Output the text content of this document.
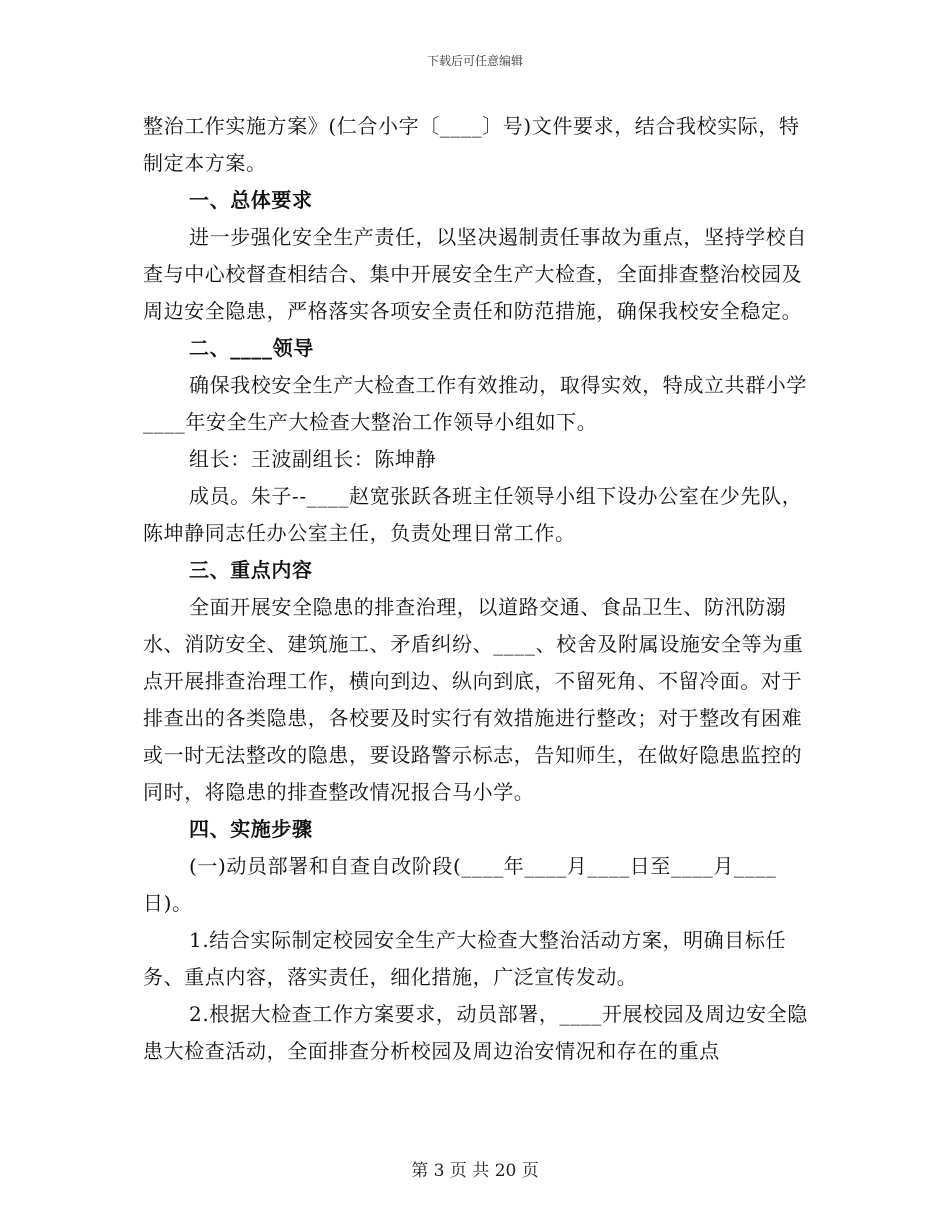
下载后可任意编辑

整治工作实施方案》(仁合小字〔____〕号)文件要求，结合我校实际，特制定本方案。

一、总体要求

进一步强化安全生产责任，以坚决遏制责任事故为重点，坚持学校自查与中心校督查相结合、集中开展安全生产大检查，全面排查整治校园及周边安全隐患，严格落实各项安全责任和防范措施，确保我校安全稳定。

二、____领导

确保我校安全生产大检查工作有效推动，取得实效，特成立共群小学____年安全生产大检查大整治工作领导小组如下。

组长：王波副组长：陈坤静

成员。朱子--____赵宽张跃各班主任领导小组下设办公室在少先队，陈坤静同志任办公室主任，负责处理日常工作。

三、重点内容

全面开展安全隐患的排查治理，以道路交通、食品卫生、防汛防溺水、消防安全、建筑施工、矛盾纠纷、____、校舍及附属设施安全等为重点开展排查治理工作，横向到边、纵向到底，不留死角、不留冷面。对于排查出的各类隐患，各校要及时实行有效措施进行整改；对于整改有困难或一时无法整改的隐患，要设路警示标志，告知师生，在做好隐患监控的同时，将隐患的排查整改情况报合马小学。

四、实施步骤

(一)动员部署和自查自改阶段(____年____月____日至____月____日)。

1.结合实际制定校园安全生产大检查大整治活动方案，明确目标任务、重点内容，落实责任，细化措施，广泛宣传发动。

2.根据大检查工作方案要求，动员部署，____开展校园及周边安全隐患大检查活动，全面排查分析校园及周边治安情况和存在的重点

第 3 页 共 20 页
